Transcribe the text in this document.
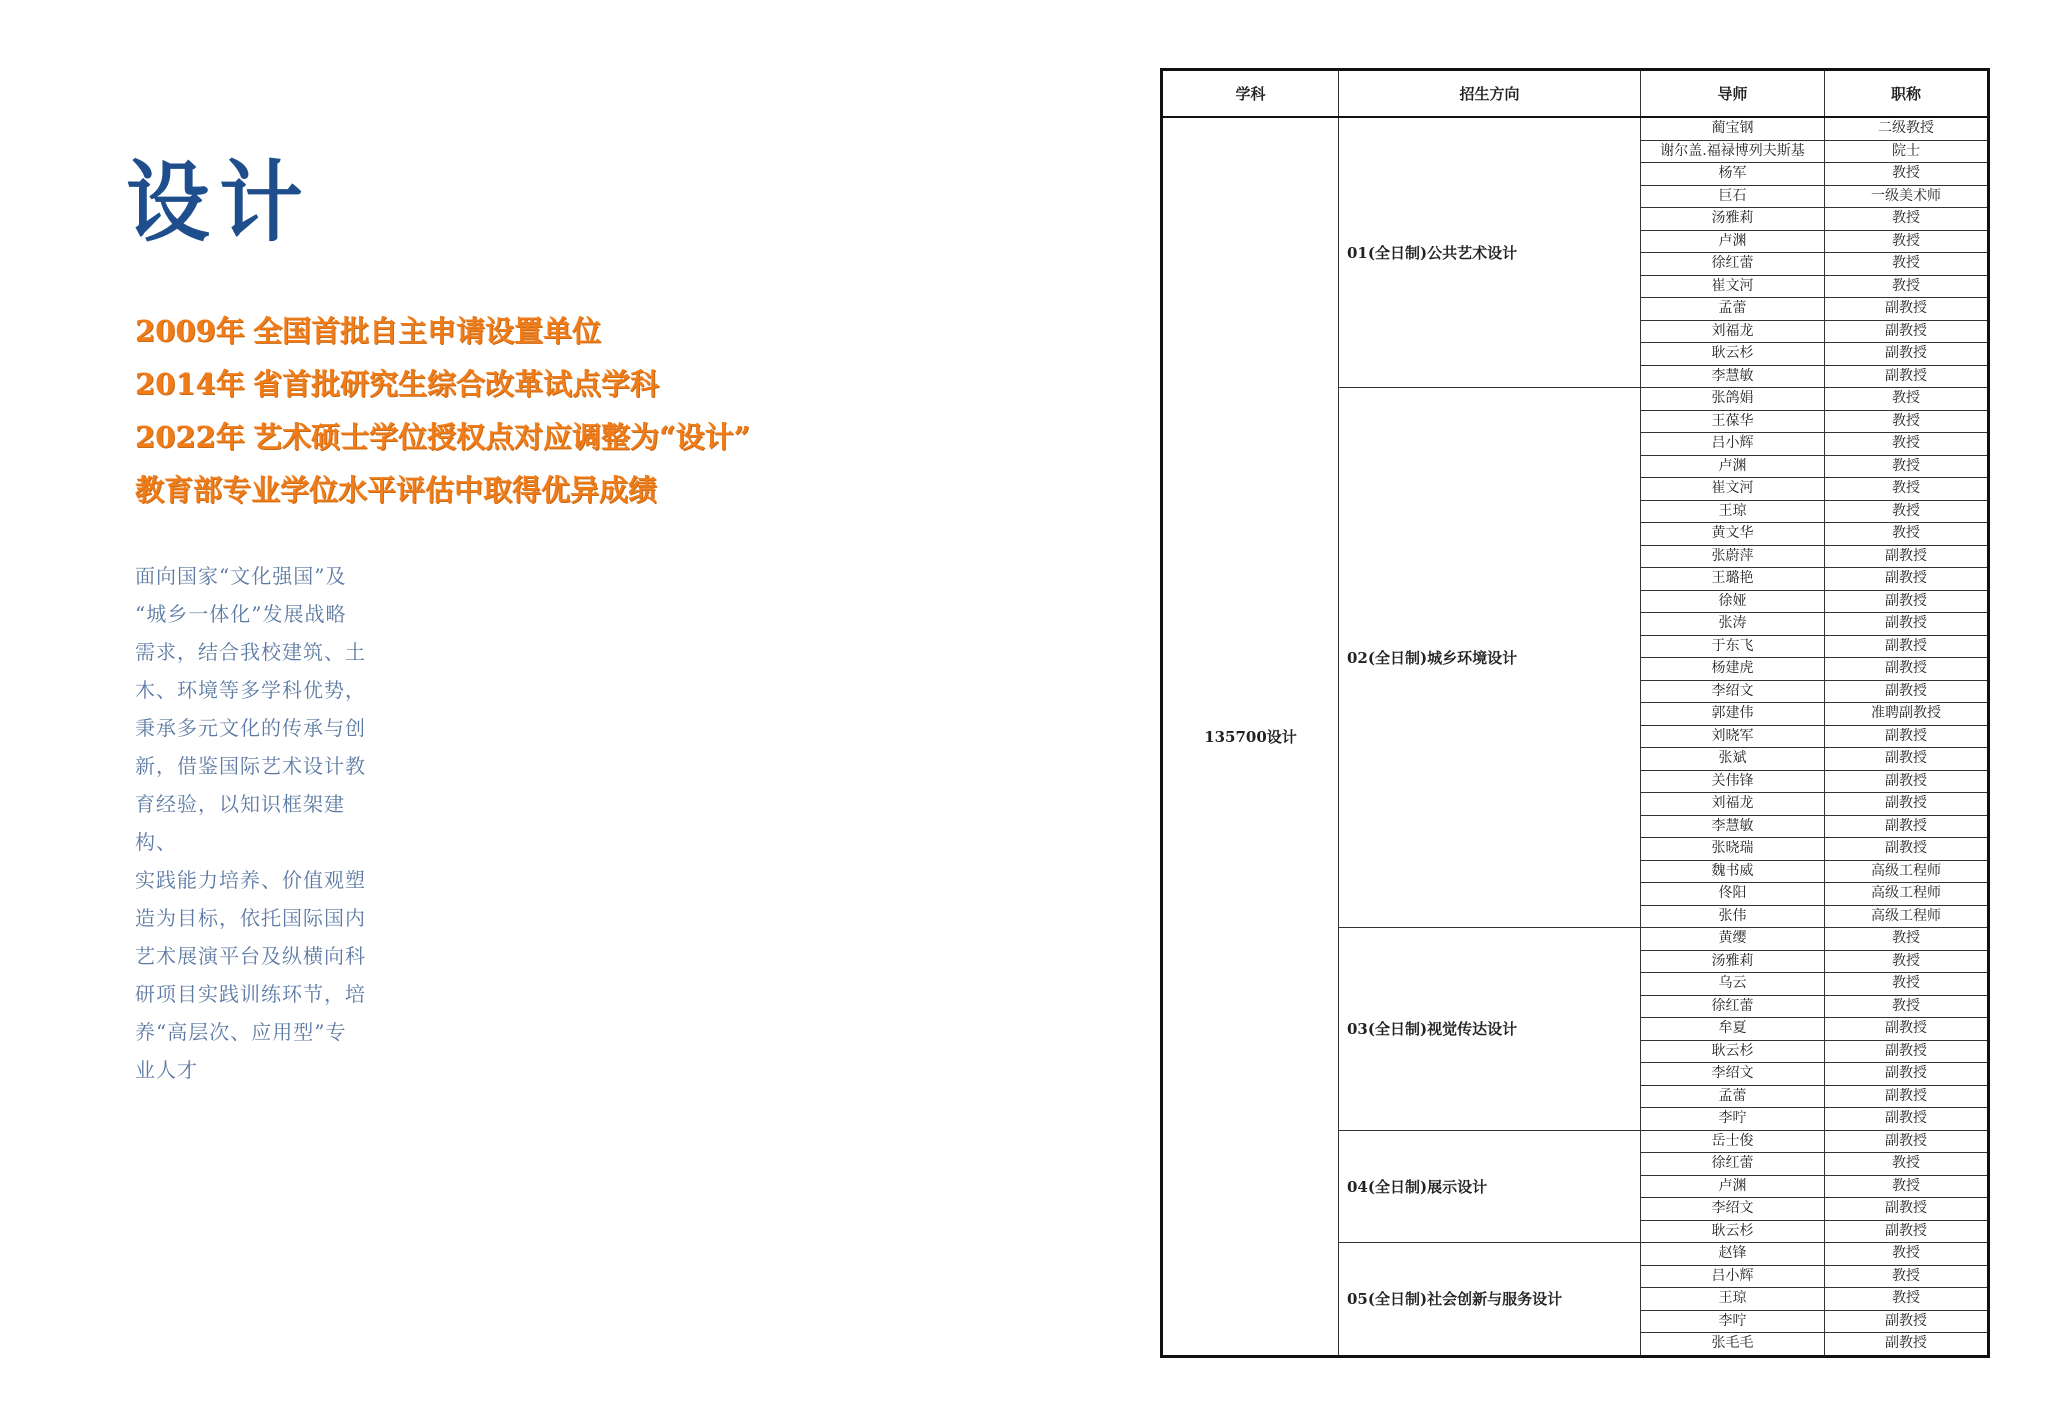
设计
2009年 全国首批自主申请设置单位
2014年 省首批研究生综合改革试点学科
2022年 艺术硕士学位授权点对应调整为“设计”
教育部专业学位水平评估中取得优异成绩

面向国家“文化强国”及

“城乡一体化”发展战略

需求，结合我校建筑、土

木、环境等多学科优势，

秉承多元文化的传承与创

新，借鉴国际艺术设计教

育经验，以知识框架建构、

实践能力培养、价值观塑

造为目标，依托国际国内

艺术展演平台及纵横向科

研项目实践训练环节，培

养“高层次、应用型”专

业人才

学科	招生方向	导师	职称
135700设计	01(全日制)公共艺术设计	蔺宝钢	二级教授
		谢尔盖.福禄博列夫斯基	院士
		杨军	教授
		巨石	一级美术师
		汤雅莉	教授
		卢渊	教授
		徐红蕾	教授
		崔文河	教授
		孟蕾	副教授
		刘福龙	副教授
		耿云杉	副教授
		李慧敏	副教授
	02(全日制)城乡环境设计	张鸽娟	教授
		王葆华	教授
		吕小辉	教授
		卢渊	教授
		崔文河	教授
		王琼	教授
		黄文华	教授
		张蔚萍	副教授
		王璐艳	副教授
		徐娅	副教授
		张涛	副教授
		于东飞	副教授
		杨建虎	副教授
		李绍文	副教授
		郭建伟	准聘副教授
		刘晓军	副教授
		张斌	副教授
		关伟锋	副教授
		刘福龙	副教授
		李慧敏	副教授
		张晓瑞	副教授
		魏书威	高级工程师
		佟阳	高级工程师
		张伟	高级工程师
	03(全日制)视觉传达设计	黄缨	教授
		汤雅莉	教授
		乌云	教授
		徐红蕾	教授
		牟夏	副教授
		耿云杉	副教授
		李绍文	副教授
		孟蕾	副教授
		李咛	副教授
	04(全日制)展示设计	岳士俊	副教授
		徐红蕾	教授
		卢渊	教授
		李绍文	副教授
		耿云杉	副教授
	05(全日制)社会创新与服务设计	赵锋	教授
		吕小辉	教授
		王琼	教授
		李咛	副教授
		张毛毛	副教授
